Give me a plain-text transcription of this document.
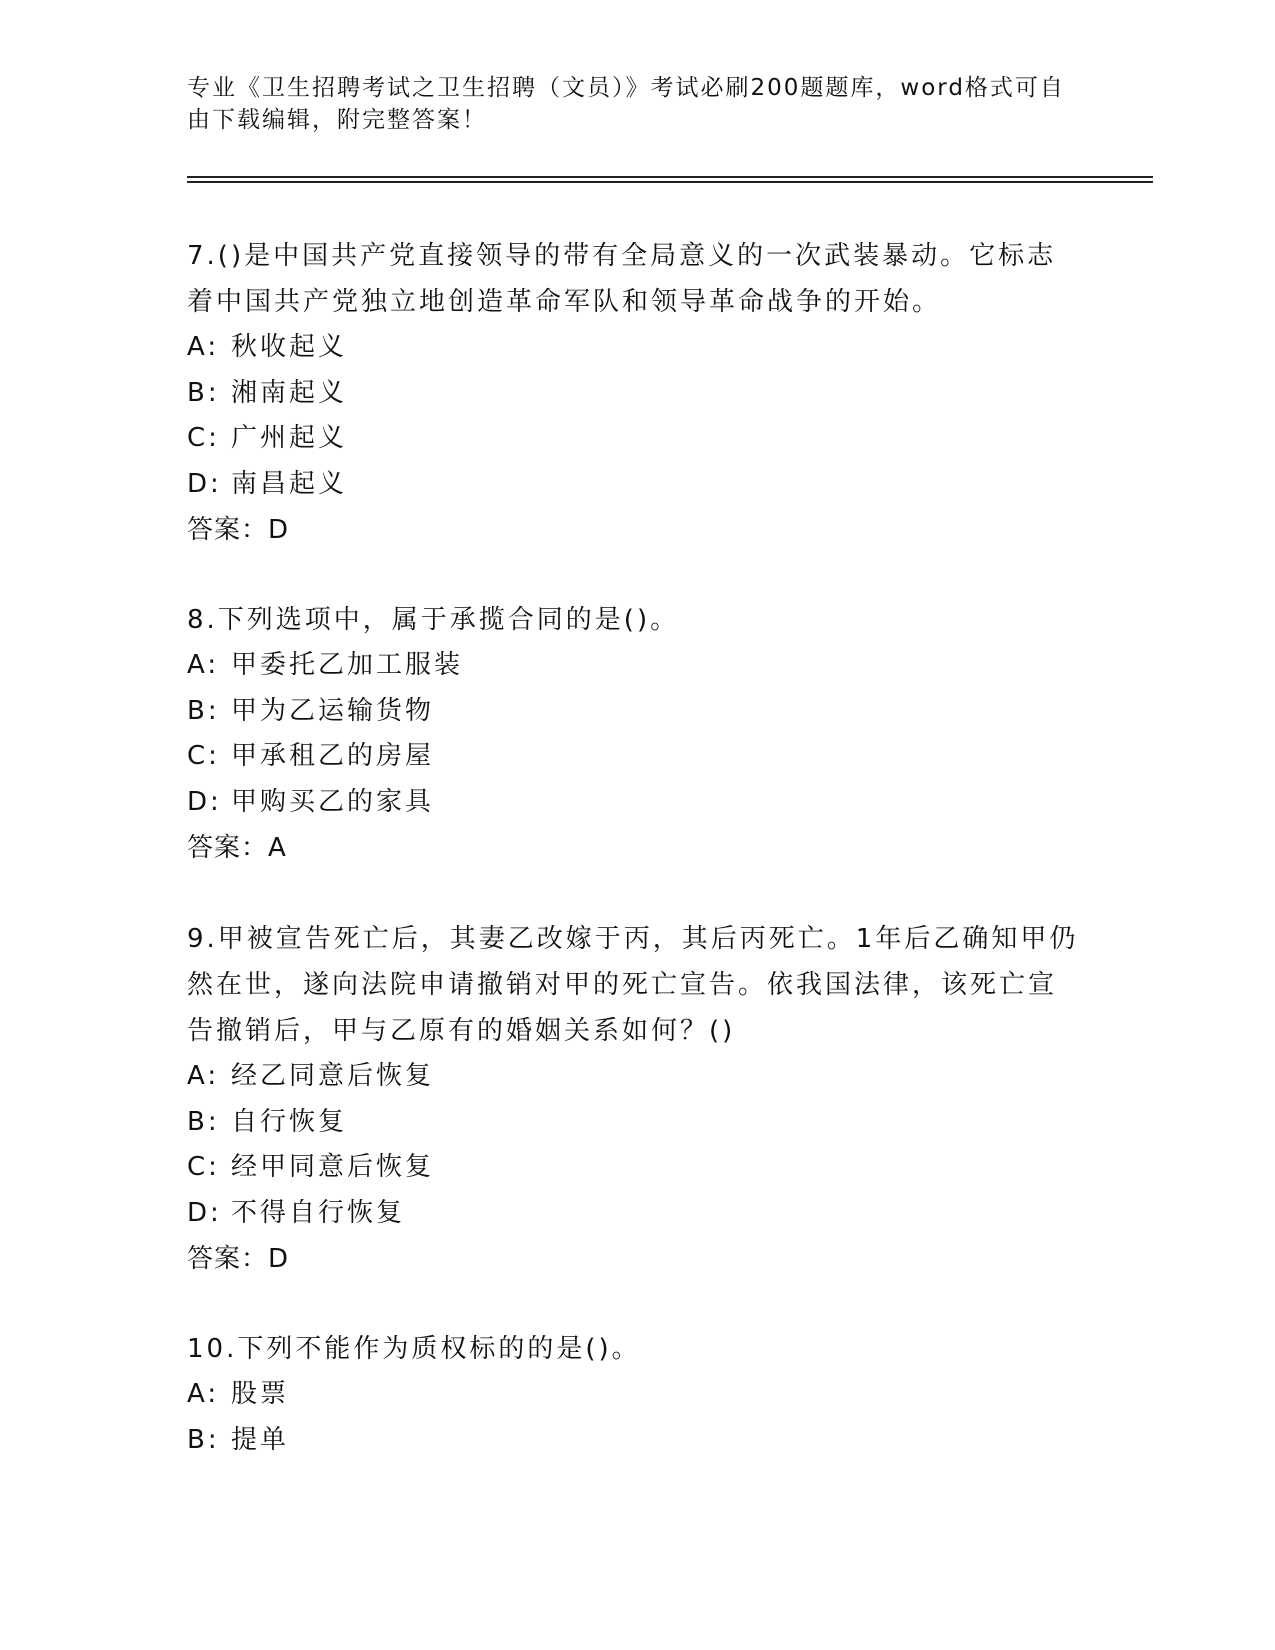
专业《卫生招聘考试之卫生招聘（文员）》考试必刷200题题库，word格式可自
由下载编辑，附完整答案！
7.()是中国共产党直接领导的带有全局意义的一次武装暴动。它标志
着中国共产党独立地创造革命军队和领导革命战争的开始。
A: 秋收起义
B: 湘南起义
C: 广州起义
D: 南昌起义
答案：D
8.下列选项中，属于承揽合同的是()。
A: 甲委托乙加工服装
B: 甲为乙运输货物
C: 甲承租乙的房屋
D: 甲购买乙的家具
答案：A
9.甲被宣告死亡后，其妻乙改嫁于丙，其后丙死亡。1年后乙确知甲仍
然在世，遂向法院申请撤销对甲的死亡宣告。依我国法律，该死亡宣
告撤销后，甲与乙原有的婚姻关系如何？()
A: 经乙同意后恢复
B: 自行恢复
C: 经甲同意后恢复
D: 不得自行恢复
答案：D
10.下列不能作为质权标的的是()。
A: 股票
B: 提单
